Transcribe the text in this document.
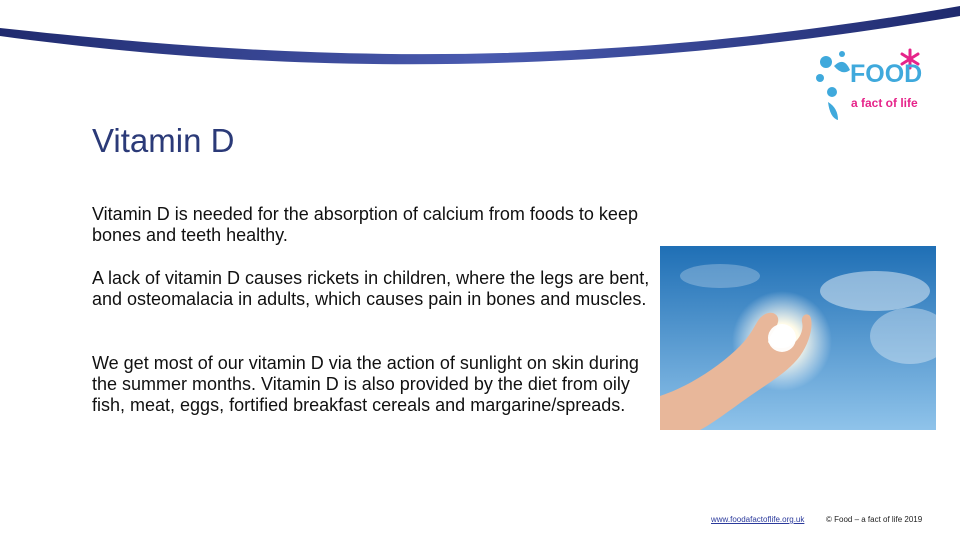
FOOD
a fact of life
Vitamin D

Vitamin D is needed for the absorption of calcium from foods to keep bones and teeth healthy.

A lack of vitamin D causes rickets in children, where the legs are bent, and osteomalacia in adults, which causes pain in bones and muscles.

We get most of our vitamin D via the action of sunlight on skin during the summer months. Vitamin D is also provided by the diet from oily fish, meat, eggs, fortified breakfast cereals and margarine/spreads.

www.foodafactoflife.org.uk	© Food – a fact of life 2019
